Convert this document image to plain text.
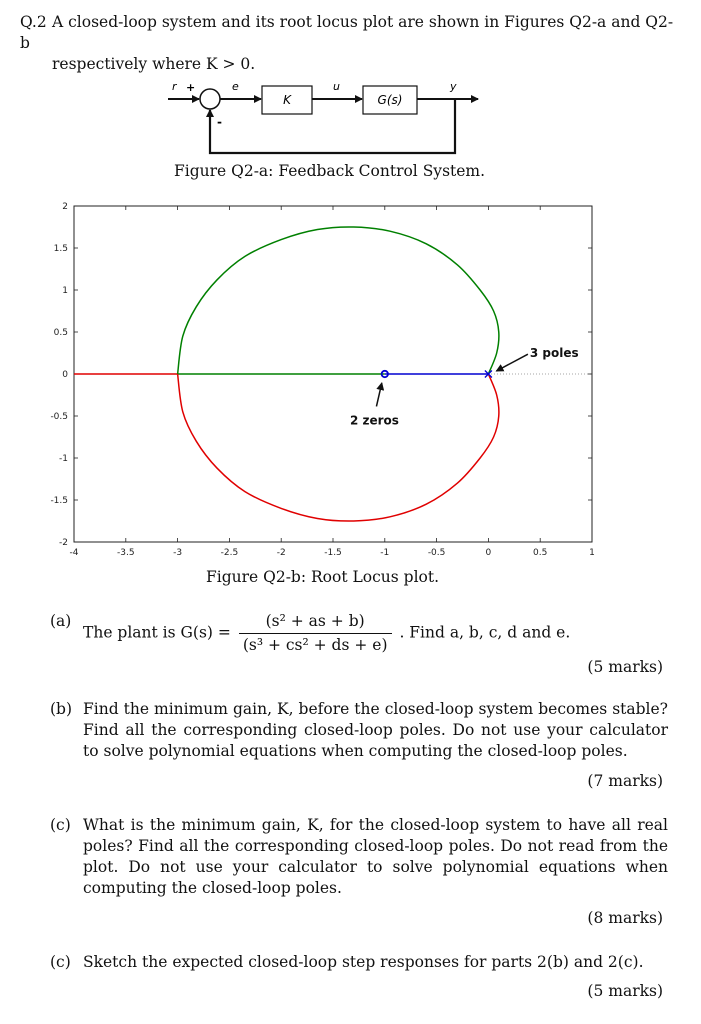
Q.2 A closed-loop system and its root locus plot are shown in Figures Q2-a and Q2-b
respectively where K > 0.
r +
-
e	u	y
K	G(s)
Figure Q2-a: Feedback Control System.
-4	-3.5	-3	-2.5	-2	-1.5	-1	-0.5	0	0.5	1
-2
-1.5
-1
-0.5
0
0.5
1
1.5
2
3 poles
2 zeros
Figure Q2-b: Root Locus plot.
(a)
The plant is $G(s) = \frac{\text{(s² + as + b)}}{\text{(s³ + cs² + ds + e)}}$ . Find a, b, c, d and e.
(5 marks)
(b) Find the minimum gain, K, before the closed-loop system becomes stable? Find all the corresponding closed-loop poles. Do not use your calculator to solve polynomial equations when computing the closed-loop poles.
(7 marks)
(c) What is the minimum gain, K, for the closed-loop system to have all real poles? Find all the corresponding closed-loop poles. Do not read from the plot. Do not use your calculator to solve polynomial equations when computing the closed-loop poles.
(8 marks)
(c) Sketch the expected closed-loop step responses for parts 2(b) and 2(c).
(5 marks)
